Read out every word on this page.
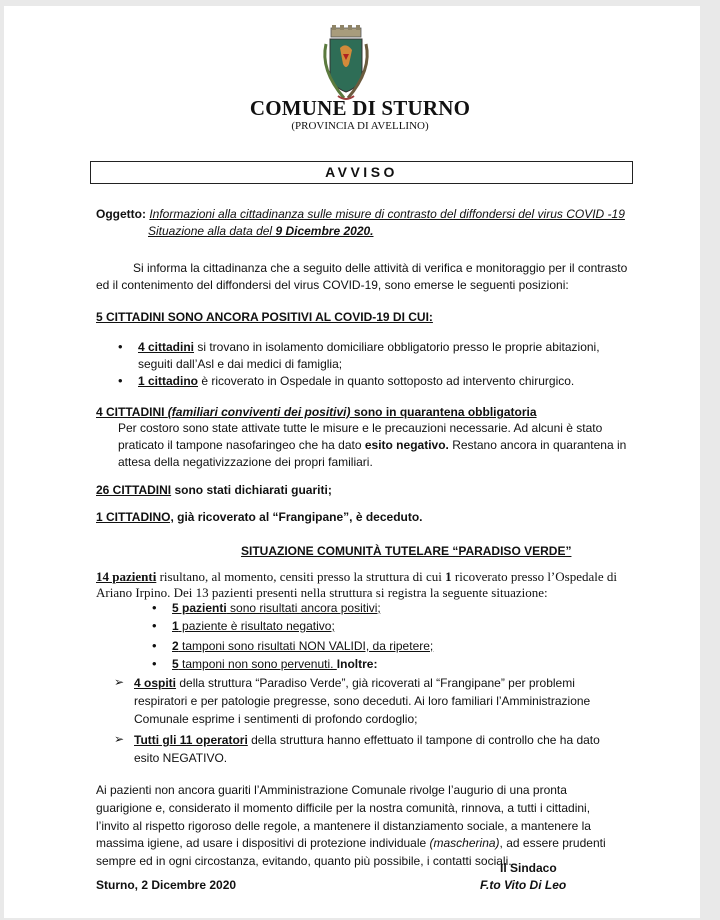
COMUNE DI STURNO
(PROVINCIA DI AVELLINO)
AVVISO
Oggetto: Informazioni alla cittadinanza sulle misure di contrasto del diffondersi del virus COVID -19
Situazione alla data del 9 Dicembre 2020.
Si informa la cittadinanza che a seguito delle attività di verifica e monitoraggio per il contrasto
ed il contenimento del diffondersi del virus COVID-19, sono emerse le seguenti posizioni:
5 CITTADINI SONO ANCORA POSITIVI AL COVID-19 DI CUI:
• 4 cittadini si trovano in isolamento domiciliare obbligatorio presso le proprie abitazioni,
seguiti dall’Asl e dai medici di famiglia;
• 1 cittadino è ricoverato in Ospedale in quanto sottoposto ad intervento chirurgico.
4 CITTADINI (familiari conviventi dei positivi) sono in quarantena obbligatoria
Per costoro sono state attivate tutte le misure e le precauzioni necessarie. Ad alcuni è stato
praticato il tampone nasofaringeo che ha dato esito negativo. Restano ancora in quarantena in
attesa della negativizzazione dei propri familiari.
26 CITTADINI sono stati dichiarati guariti;
1 CITTADINO, già ricoverato al “Frangipane”, è deceduto.
SITUAZIONE COMUNITÀ TUTELARE “PARADISO VERDE”
14 pazienti risultano, al momento, censiti presso la struttura di cui 1 ricoverato presso l’Ospedale di
Ariano Irpino. Dei 13 pazienti presenti nella struttura si registra la seguente situazione:
• 5 pazienti sono risultati ancora positivi;
• 1 paziente è risultato negativo;
• 2 tamponi sono risultati NON VALIDI, da ripetere;
• 5 tamponi non sono pervenuti. Inoltre:
➢ 4 ospiti della struttura “Paradiso Verde”, già ricoverati al “Frangipane” per problemi
respiratori e per patologie pregresse, sono deceduti. Ai loro familiari l’Amministrazione
Comunale esprime i sentimenti di profondo cordoglio;
➢ Tutti gli 11 operatori della struttura hanno effettuato il tampone di controllo che ha dato
esito NEGATIVO.
Ai pazienti non ancora guariti l’Amministrazione Comunale rivolge l’augurio di una pronta
guarigione e, considerato il momento difficile per la nostra comunità, rinnova, a tutti i cittadini,
l’invito al rispetto rigoroso delle regole, a mantenere il distanziamento sociale, a mantenere la
massima igiene, ad usare i dispositivi di protezione individuale (mascherina), ad essere prudenti
sempre ed in ogni circostanza, evitando, quanto più possibile, i contatti sociali.
Il Sindaco
F.to Vito Di Leo
Sturno, 2 Dicembre 2020
